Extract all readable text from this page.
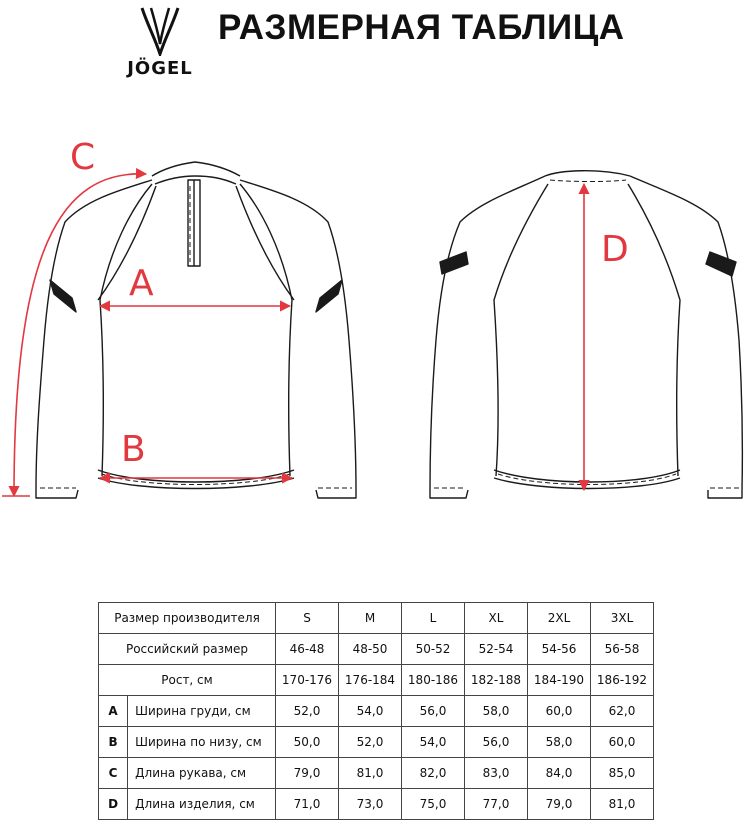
JÖGEL
РАЗМЕРНАЯ ТАБЛИЦА
A
B
C
D
Размер производителя		S	M	L	XL	2XL	3XL
Российский размер		46-48	48-50	50-52	52-54	54-56	56-58
Рост, см		170-176	176-184	180-186	182-188	184-190	186-192
A	Ширина груди, см	52,0	54,0	56,0	58,0	60,0	62,0
B	Ширина по низу, см	50,0	52,0	54,0	56,0	58,0	60,0
C	Длина рукава, см	79,0	81,0	82,0	83,0	84,0	85,0
D	Длина изделия, см	71,0	73,0	75,0	77,0	79,0	81,0
